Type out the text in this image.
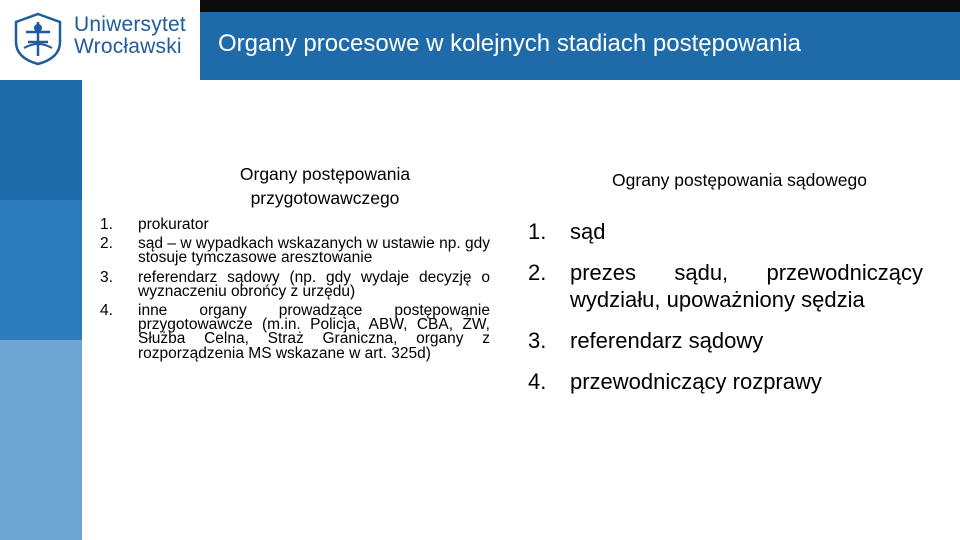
Uniwersytet
Wrocławski Organy procesowe w kolejnych stadiach postępowania
Organy postępowania
przygotowawczego
1.	prokurator
2.	sąd – w wypadkach wskazanych w ustawie np. gdy stosuje tymczasowe aresztowanie
3.	referendarz sądowy (np. gdy wydaje decyzję o wyznaczeniu obrońcy z urzędu)
4.	inne organy prowadzące postępowanie przygotowawcze (m.in. Policja, ABW, CBA, ŻW, Służba Celna, Straż Graniczna, organy z rozporządzenia MS wskazane w art. 325d)
Ograny postępowania sądowego
1.	sąd
2.	prezes sądu, przewodniczący wydziału, upoważniony sędzia
3.	referendarz sądowy
4.	przewodniczący rozprawy
